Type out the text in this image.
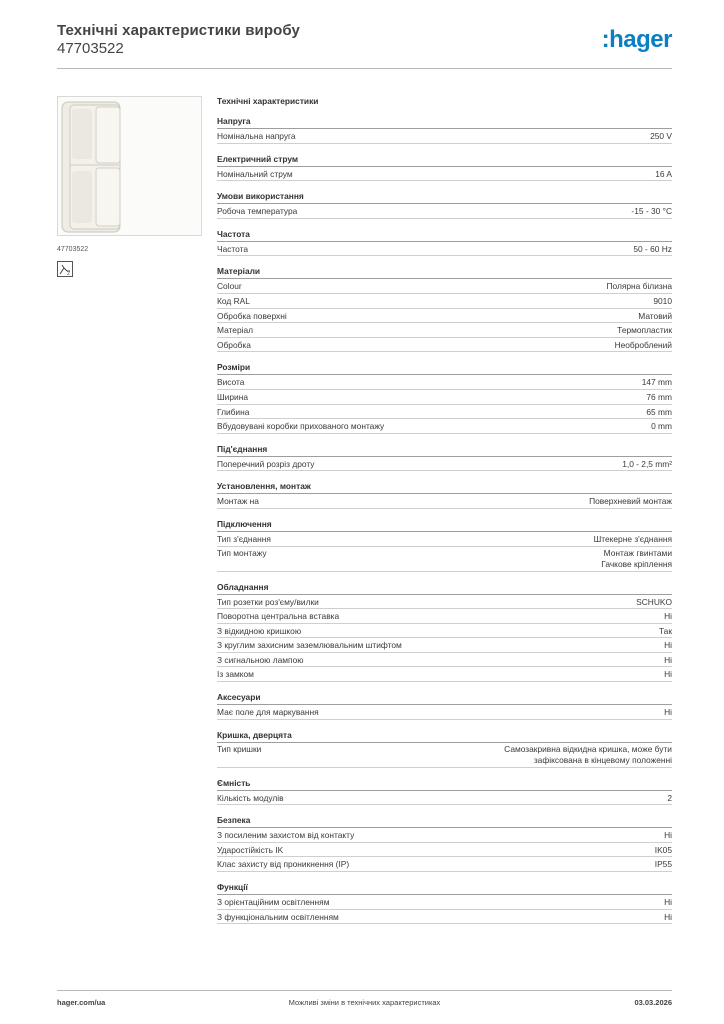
Технічні характеристики виробу
47703522	:hager
47703522
2
Технічні характеристики
Напруга
Номінальна напруга	250 V
Електричний струм
Номінальний струм	16 A
Умови використання
Робоча температура	-15 - 30 °C
Частота
Частота	50 - 60 Hz
Матеріали
Colour	Полярна білизна
Код RAL	9010
Обробка поверхні	Матовий
Матеріал	Термопластик
Обробка	Необроблений
Розміри
Висота	147 mm
Ширина	76 mm
Глибина	65 mm
Вбудовувані коробки прихованого монтажу	0 mm
Під'єднання
Поперечний розріз дроту	1,0 - 2,5 mm²
Установлення, монтаж
Монтаж на	Поверхневий монтаж
Підключення
Тип з'єднання	Штекерне з'єднання
Тип монтажу	Монтаж гвинтами
Гачкове кріплення
Обладнання
Тип розетки роз'єму/вилки	SCHUKO
Поворотна центральна вставка	Ні
З відкидною кришкою	Так
З круглим захисним заземлювальним штифтом	Ні
З сигнальною лампою	Ні
Із замком	Ні
Аксесуари
Має поле для маркування	Ні
Кришка, дверцята
Тип кришки	Самозакривна відкидна кришка, може бути
зафіксована в кінцевому положенні
Ємність
Кількість модулів	2
Безпека
З посиленим захистом від контакту	Ні
Ударостійкість IK	IK05
Клас захисту від проникнення (IP)	IP55
Функції
З орієнтаційним освітленням	Ні
З функціональним освітленням	Ні
hager.com/ua	Можливі зміни в технічних характеристиках	03.03.2026
